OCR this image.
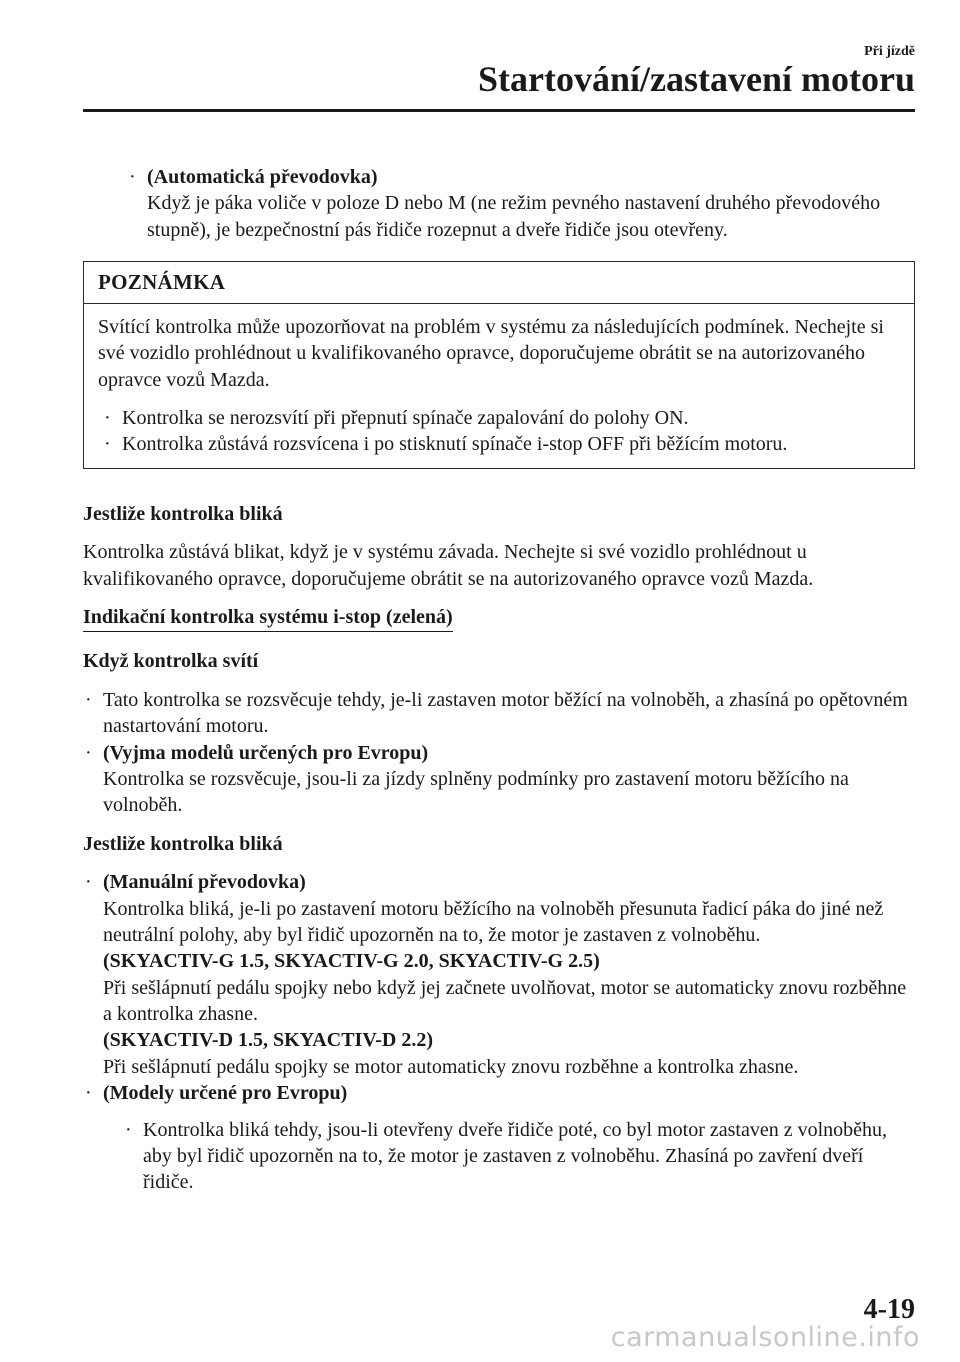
Při jízdě
Startování/zastavení motoru
· (Automatická převodovka)
Když je páka voliče v poloze D nebo M (ne režim pevného nastavení druhého převodového stupně), je bezpečnostní pás řidiče rozepnut a dveře řidiče jsou otevřeny.
POZNÁMKA

Svítící kontrolka může upozorňovat na problém v systému za následujících podmínek. Nechejte si své vozidlo prohlédnout u kvalifikovaného opravce, doporučujeme obrátit se na autorizovaného opravce vozů Mazda.

· Kontrolka se nerozsvítí při přepnutí spínače zapalování do polohy ON.
· Kontrolka zůstává rozsvícena i po stisknutí spínače i-stop OFF při běžícím motoru.
Jestliže kontrolka bliká
Kontrolka zůstává blikat, když je v systému závada. Nechejte si své vozidlo prohlédnout u kvalifikovaného opravce, doporučujeme obrátit se na autorizovaného opravce vozů Mazda.
Indikační kontrolka systému i-stop (zelená)
Když kontrolka svítí
· Tato kontrolka se rozsvěcuje tehdy, je-li zastaven motor běžící na volnoběh, a zhasíná po opětovném nastartování motoru.
· (Vyjma modelů určených pro Evropu)
Kontrolka se rozsvěcuje, jsou-li za jízdy splněny podmínky pro zastavení motoru běžícího na volnoběh.
Jestliže kontrolka bliká
· (Manuální převodovka)
Kontrolka bliká, je-li po zastavení motoru běžícího na volnoběh přesunuta řadicí páka do jiné než neutrální polohy, aby byl řidič upozorněn na to, že motor je zastaven z volnoběhu.
(SKYACTIV-G 1.5, SKYACTIV-G 2.0, SKYACTIV-G 2.5)
Při sešlápnutí pedálu spojky nebo když jej začnete uvolňovat, motor se automaticky znovu rozběhne a kontrolka zhasne.
(SKYACTIV-D 1.5, SKYACTIV-D 2.2)
Při sešlápnutí pedálu spojky se motor automaticky znovu rozběhne a kontrolka zhasne.
· (Modely určené pro Evropu)
· Kontrolka bliká tehdy, jsou-li otevřeny dveře řidiče poté, co byl motor zastaven z volnoběhu, aby byl řidič upozorněn na to, že motor je zastaven z volnoběhu. Zhasíná po zavření dveří řidiče.
4-19
carmanualsonline.info
